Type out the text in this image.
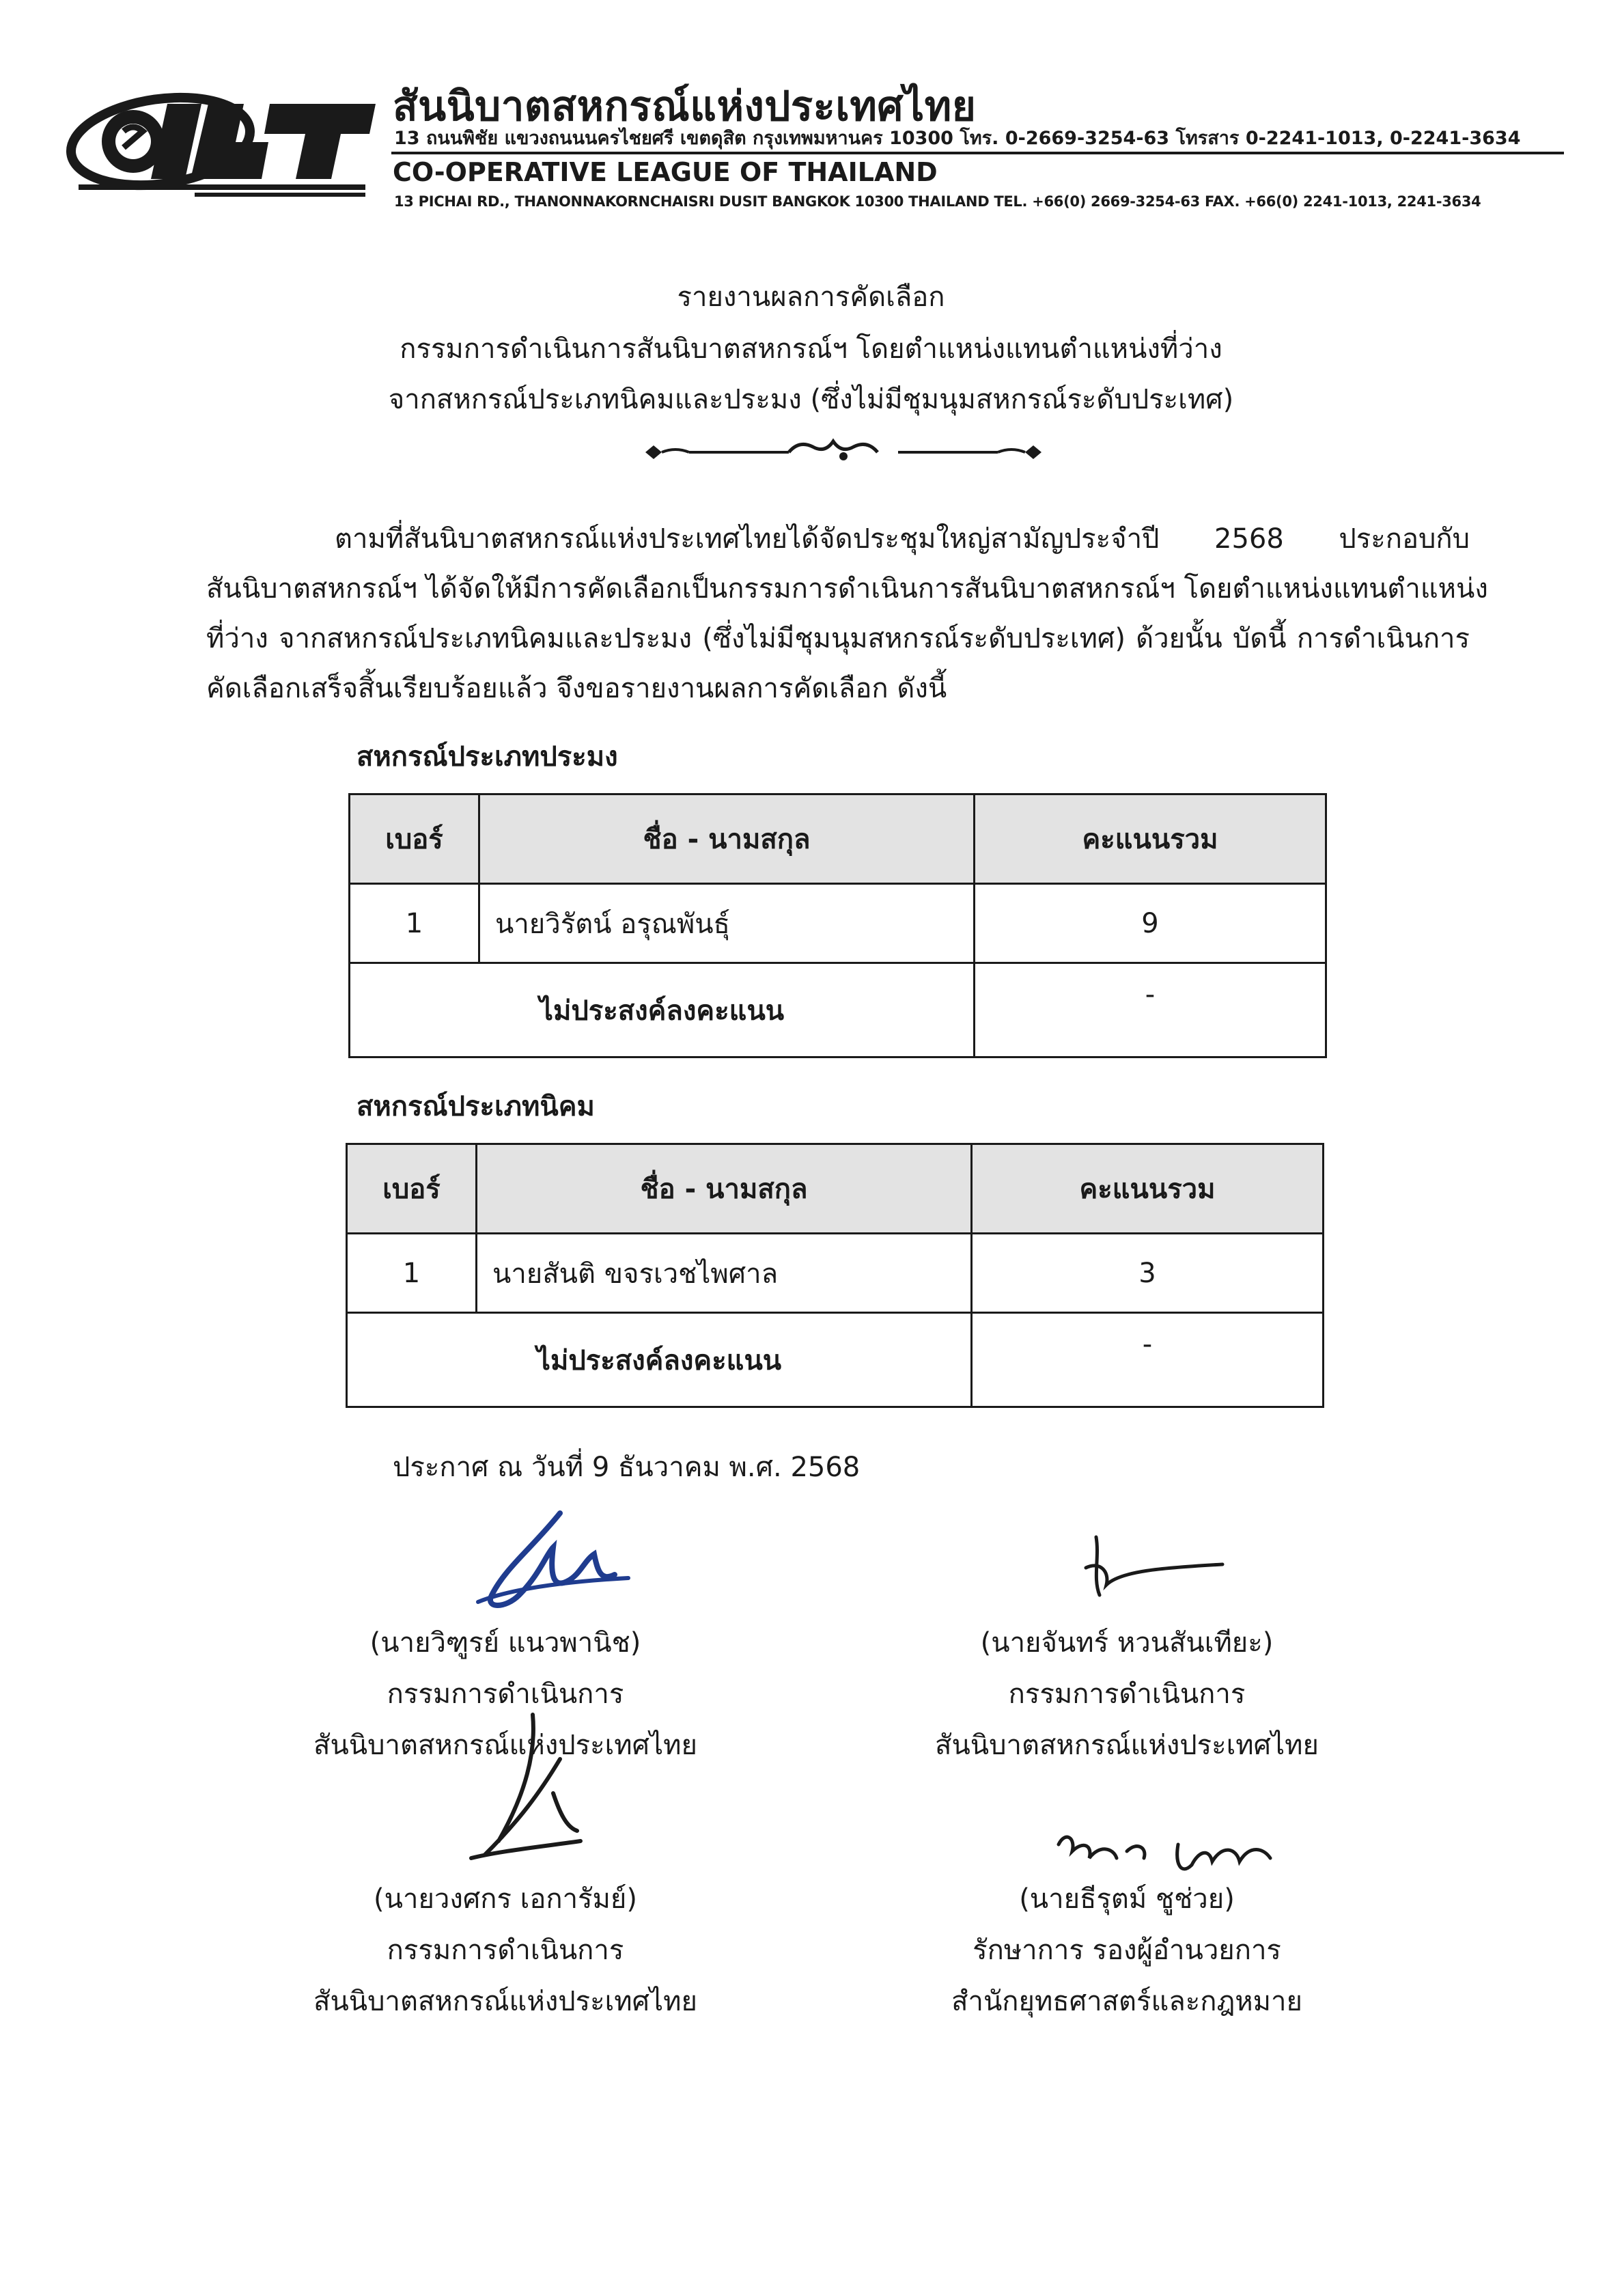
สันนิบาตสหกรณ์แห่งประเทศไทย
13 ถนนพิชัย แขวงถนนนครไชยศรี เขตดุสิต กรุงเทพมหานคร 10300 โทร. 0-2669-3254-63 โทรสาร 0-2241-1013, 0-2241-3634
CO-OPERATIVE LEAGUE OF THAILAND
13 PICHAI RD., THANONNAKORNCHAISRI DUSIT BANGKOK 10300 THAILAND TEL. +66(0) 2669-3254-63 FAX. +66(0) 2241-1013, 2241-3634
รายงานผลการคัดเลือก
กรรมการดำเนินการสันนิบาตสหกรณ์ฯ โดยตำแหน่งแทนตำแหน่งที่ว่าง
จากสหกรณ์ประเภทนิคมและประมง (ซึ่งไม่มีชุมนุมสหกรณ์ระดับประเทศ)
ตามที่สันนิบาตสหกรณ์แห่งประเทศไทยได้จัดประชุมใหญ่สามัญประจำปี 2568 ประกอบกับ
สันนิบาตสหกรณ์ฯ ได้จัดให้มีการคัดเลือกเป็นกรรมการดำเนินการสันนิบาตสหกรณ์ฯ โดยตำแหน่งแทนตำแหน่ง
ที่ว่าง จากสหกรณ์ประเภทนิคมและประมง (ซึ่งไม่มีชุมนุมสหกรณ์ระดับประเทศ) ด้วยนั้น บัดนี้ การดำเนินการ
คัดเลือกเสร็จสิ้นเรียบร้อยแล้ว จึงขอรายงานผลการคัดเลือก ดังนี้
สหกรณ์ประเภทประมง
เบอร์	ชื่อ - นามสกุล	คะแนนรวม
1	นายวิรัตน์ อรุณพันธุ์	9
ไม่ประสงค์ลงคะแนน		-
สหกรณ์ประเภทนิคม
เบอร์	ชื่อ - นามสกุล	คะแนนรวม
1	นายสันติ ขจรเวชไพศาล	3
ไม่ประสงค์ลงคะแนน		-
ประกาศ ณ วันที่ 9 ธันวาคม พ.ศ. 2568
(นายวิฑูรย์ แนวพานิช)
กรรมการดำเนินการ
สันนิบาตสหกรณ์แห่งประเทศไทย
(นายจันทร์ หวนสันเทียะ)
กรรมการดำเนินการ
สันนิบาตสหกรณ์แห่งประเทศไทย
(นายวงศกร เอการัมย์)
กรรมการดำเนินการ
สันนิบาตสหกรณ์แห่งประเทศไทย
(นายธีรุตม์ ชูช่วย)
รักษาการ รองผู้อำนวยการ
สำนักยุทธศาสตร์และกฎหมาย
